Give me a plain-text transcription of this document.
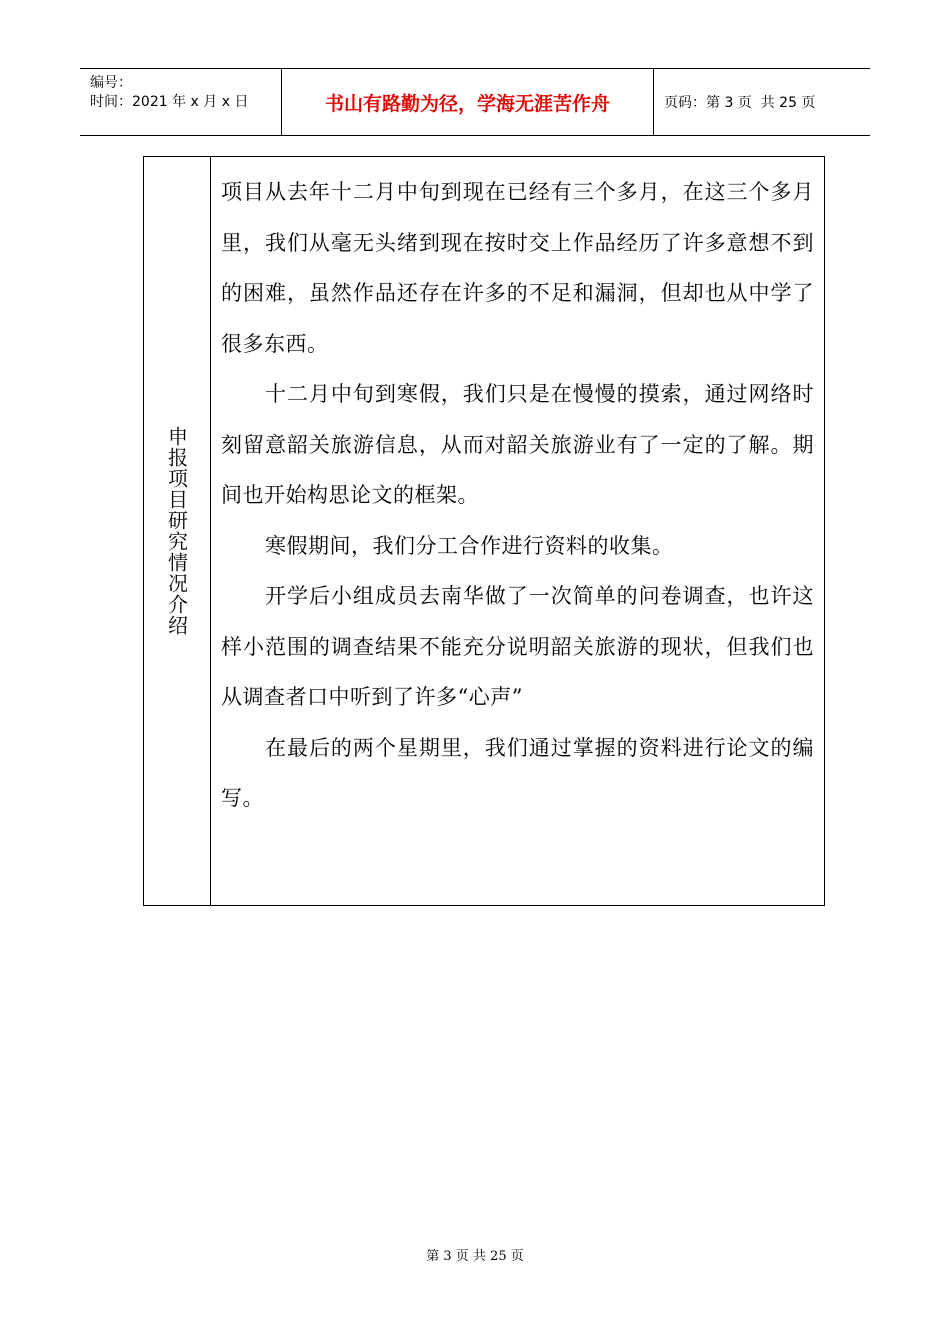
编号：
时间：2021 年 x 月 x 日	书山有路勤为径，学海无涯苦作舟	页码：第 3 页  共 25 页
申报项目研究情况介绍

项目从去年十二月中旬到现在已经有三个多月，在这三个多月里，我们从毫无头绪到现在按时交上作品经历了许多意想不到的困难，虽然作品还存在许多的不足和漏洞，但却也从中学了很多东西。

十二月中旬到寒假，我们只是在慢慢的摸索，通过网络时刻留意韶关旅游信息，从而对韶关旅游业有了一定的了解。期间也开始构思论文的框架。

寒假期间，我们分工合作进行资料的收集。

开学后小组成员去南华做了一次简单的问卷调查，也许这样小范围的调查结果不能充分说明韶关旅游的现状，但我们也从调查者口中听到了许多“心声”

在最后的两个星期里，我们通过掌握的资料进行论文的编写。

第 3 页 共 25 页
